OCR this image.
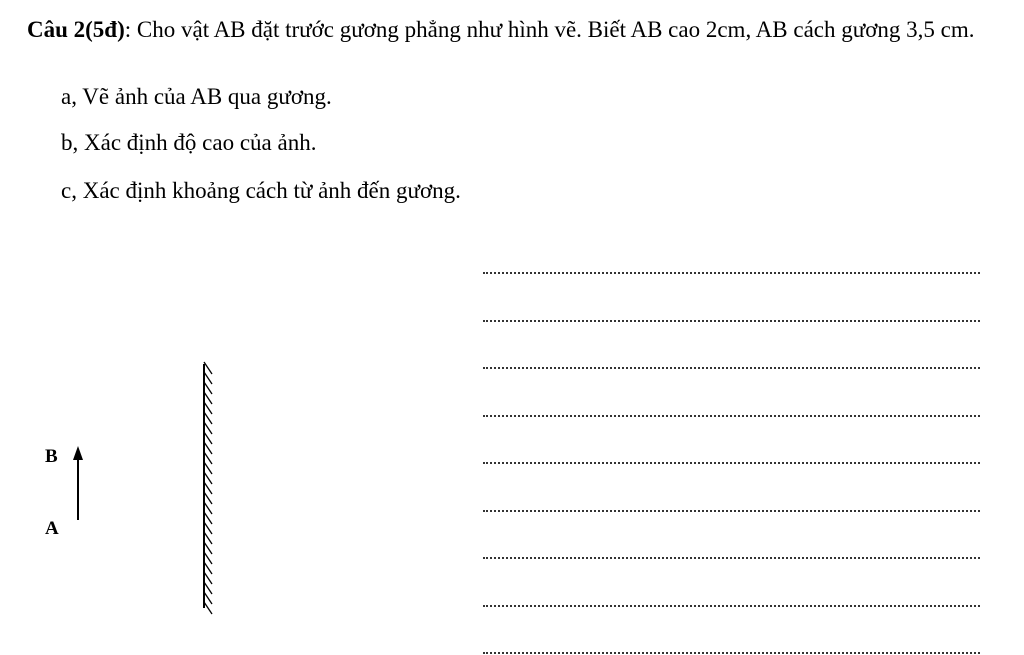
Câu 2(5đ): Cho vật AB đặt trước gương phẳng như hình vẽ. Biết AB cao 2cm, AB cách gương 3,5 cm.
a, Vẽ ảnh của AB qua gương.
b, Xác định độ cao của ảnh.
c, Xác định khoảng cách từ ảnh đến gương.
B
A
